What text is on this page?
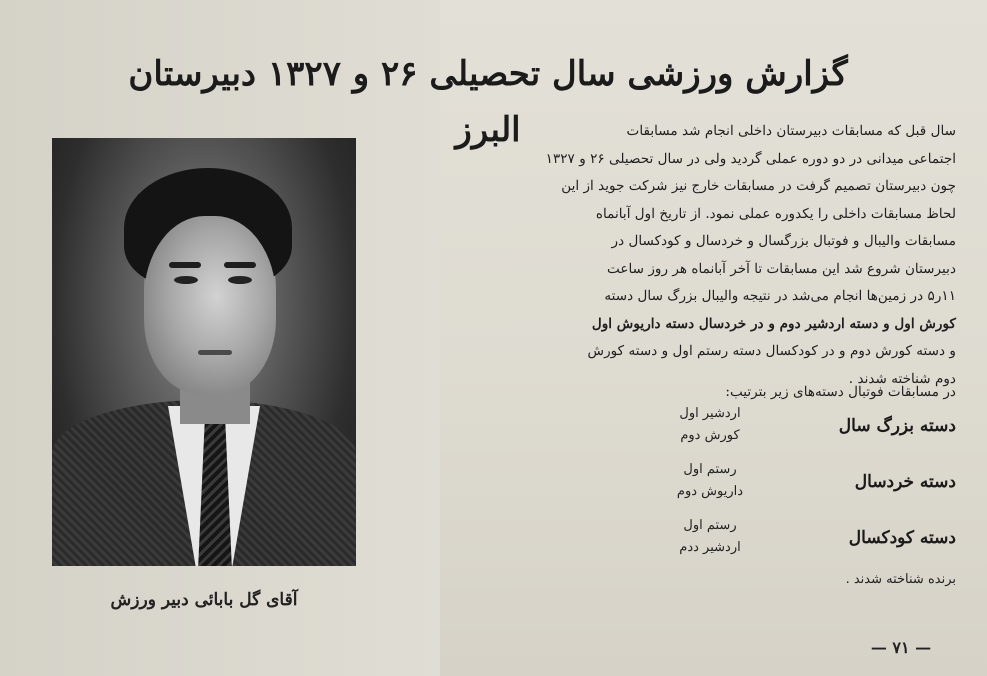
گزارش ورزشی سال تحصیلی ۲۶ و ۱۳۲۷ دبیرستان البرز
آقای گل بابائی دبیر ورزش

سال قبل که مسابقات دبیرستان داخلی انجام شد مسابقات

اجتماعی میدانی در دو دوره عملی گردید ولی در سال تحصیلی ۲۶ و ۱۳۲۷

چون دبیرستان تصمیم گرفت در مسابقات خارج نیز شرکت جوید از این

لحاظ مسابقات داخلی را یکدوره عملی نمود. از تاریخ اول آبانماه

مسابقات والیبال و فوتبال بزرگسال و خردسال و کودکسال در

دبیرستان شروع شد این مسابقات تا آخر آبانماه هر روز ساعت

۱۱ر۵ در زمین‌ها انجام می‌شد در نتیجه والیبال بزرگ سال دسته

کورش اول و دسته اردشیر دوم و در خردسال دسته داریوش اول

و دسته کورش دوم و در کودکسال دسته رستم اول و دسته کورش

دوم شناخته شدند .

در مسابقات فوتبال دسته‌های زیر بترتیب:
دسته بزرگ سال
اردشیر اول
کورش دوم
دسته خردسال
رستم اول
داریوش دوم
دسته کودکسال
رستم اول
اردشیر ددم
برنده شناخته شدند .
— ۷۱ —
